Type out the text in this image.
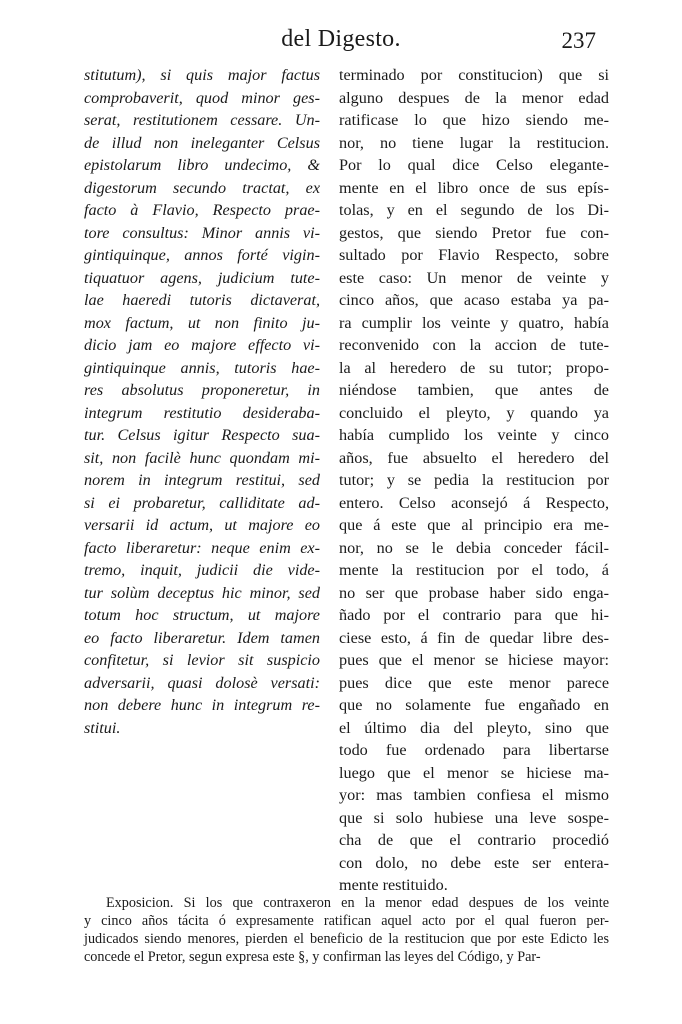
del Digesto.	237
stitutum), si quis major factus
comprobaverit, quod minor ges-
serat, restitutionem cessare. Un-
de illud non ineleganter Celsus
epistolarum libro undecimo, &
digestorum secundo tractat, ex
facto à Flavio, Respecto prae-
tore consultus: Minor annis vi-
gintiquinque, annos forté vigin-
tiquatuor agens, judicium tute-
lae haeredi tutoris dictaverat,
mox factum, ut non finito ju-
dicio jam eo majore effecto vi-
gintiquinque annis, tutoris hae-
res absolutus proponeretur, in
integrum restitutio desideraba-
tur. Celsus igitur Respecto sua-
sit, non facilè hunc quondam mi-
norem in integrum restitui, sed
si ei probaretur, calliditate ad-
versarii id actum, ut majore eo
facto liberaretur: neque enim ex-
tremo, inquit, judicii die vide-
tur solùm deceptus hic minor, sed
totum hoc structum, ut majore
eo facto liberaretur. Idem tamen
confitetur, si levior sit suspicio
adversarii, quasi dolosè versati:
non debere hunc in integrum re-
stitui.
terminado por constitucion) que si
alguno despues de la menor edad
ratificase lo que hizo siendo me-
nor, no tiene lugar la restitucion.
Por lo qual dice Celso elegante-
mente en el libro once de sus epís-
tolas, y en el segundo de los Di-
gestos, que siendo Pretor fue con-
sultado por Flavio Respecto, sobre
este caso: Un menor de veinte y
cinco años, que acaso estaba ya pa-
ra cumplir los veinte y quatro, había
reconvenido con la accion de tute-
la al heredero de su tutor; propo-
niéndose tambien, que antes de
concluido el pleyto, y quando ya
había cumplido los veinte y cinco
años, fue absuelto el heredero del
tutor; y se pedia la restitucion por
entero. Celso aconsejó á Respecto,
que á este que al principio era me-
nor, no se le debia conceder fácil-
mente la restitucion por el todo, á
no ser que probase haber sido enga-
ñado por el contrario para que hi-
ciese esto, á fin de quedar libre des-
pues que el menor se hiciese mayor:
pues dice que este menor parece
que no solamente fue engañado en
el último dia del pleyto, sino que
todo fue ordenado para libertarse
luego que el menor se hiciese ma-
yor: mas tambien confiesa el mismo
que si solo hubiese una leve sospe-
cha de que el contrario procedió
con dolo, no debe este ser entera-
mente restituido.
Exposicion. Si los que contraxeron en la menor edad despues de los veinte
y cinco años tácita ó expresamente ratifican aquel acto por el qual fueron per-
judicados siendo menores, pierden el beneficio de la restitucion que por este Edicto les
concede el Pretor, segun expresa este §, y confirman las leyes del Código, y Par-
